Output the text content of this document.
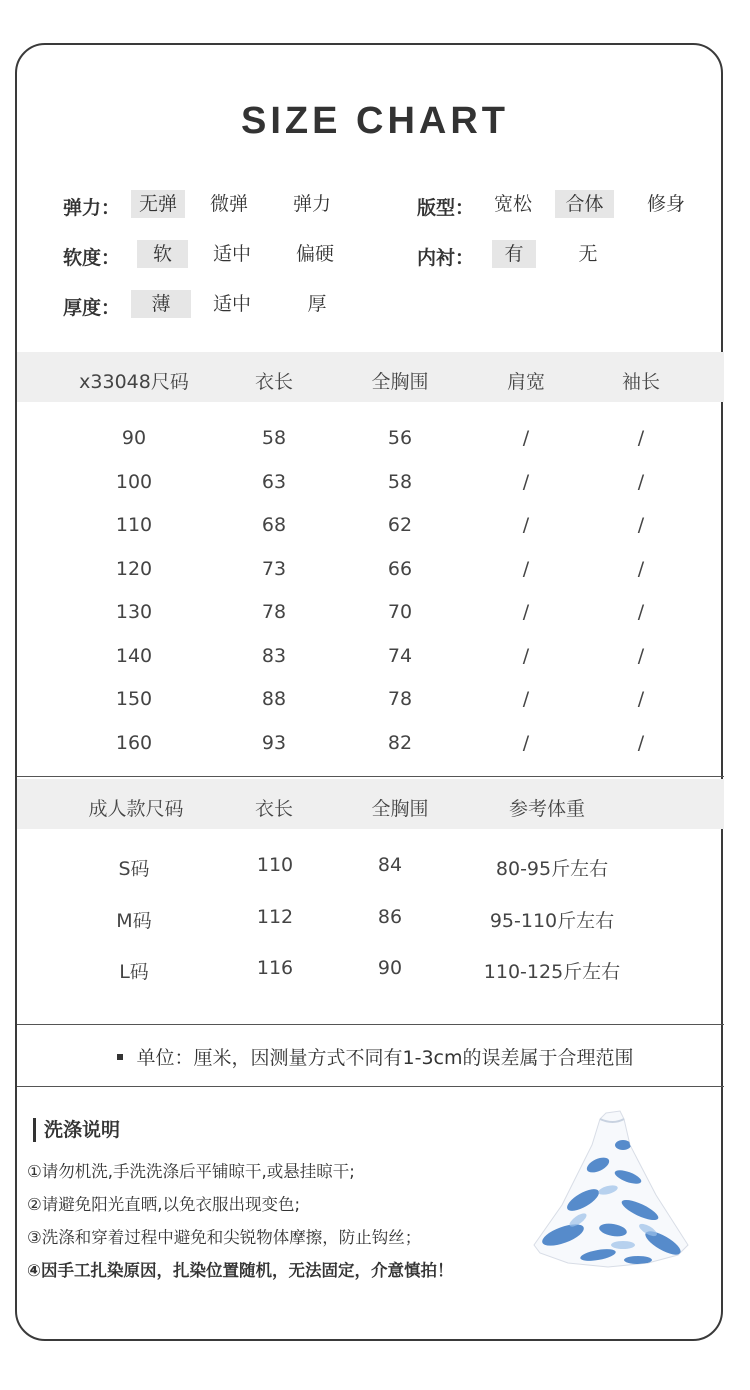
SIZE CHART
弹力： 无弹	微弹	弹力	版型：	宽松	合体	修身
软度：	软	适中	偏硬	内衬：	有	无
厚度：	薄	适中	厚
x33048尺码	衣长	全胸围	肩宽	袖长
90	58	56	/	/
100	63	58	/	/
110	68	62	/	/
120	73	66	/	/
130	78	70	/	/
140	83	74	/	/
150	88	78	/	/
160	93	82	/	/
成人款尺码	衣长	全胸围	参考体重
S码	110	84	80-95斤左右
M码	112	86	95-110斤左右
L码	116	90	110-125斤左右
单位：厘米，因测量方式不同有1-3cm的误差属于合理范围
洗涤说明
①请勿机洗,手洗洗涤后平铺晾干,或悬挂晾干;
②请避免阳光直晒,以免衣服出现变色;
③洗涤和穿着过程中避免和尖锐物体摩擦，防止钩丝；
④因手工扎染原因，扎染位置随机，无法固定，介意慎拍！
